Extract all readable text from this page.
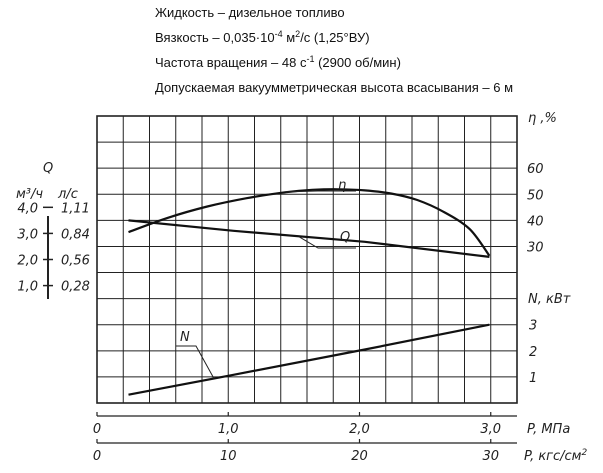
Жидкость – дизельное топливо
Вязкость – $0,035\cdot 10^{-4}$ $м^2/с$ (1,25°ВУ)
Частота вращения – 48 $с^{-1}$ (2900 об/мин)
Допускаемая вакуумметрическая высота всасывания – 6 м
Q
м³/ч л/с
4,0 1,11
3,0 0,84
2,0 0,56
1,0 0,28
η ,%
60
50
40
30
N, кВт
3
2
1
0	1,0	2,0	3,0 P, МПа
0	10	20	30 P, кгс/$см^2$
η
Q
N
